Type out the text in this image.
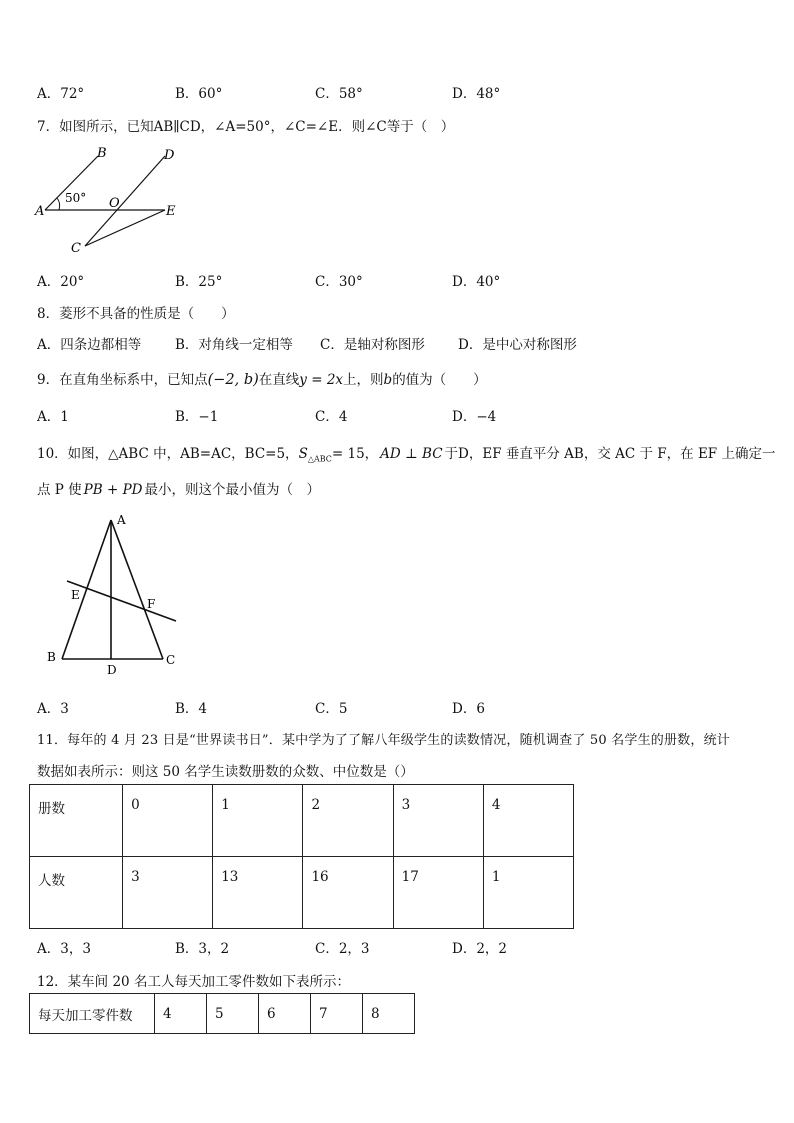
A．72°	B．60°	C．58°	D．48°
7．如图所示，已知AB∥CD，∠A=50°，∠C=∠E．则∠C等于（　）
B	D
50° O
A	E
C
A．20°	B．25°	C．30°	D．40°
8．菱形不具备的性质是（　　）
A．四条边都相等	B．对角线一定相等 C．是轴对称图形 D．是中心对称图形
9．在直角坐标系中，已知点(−2, b)在直线y = 2x上，则b的值为（　　）
A．1	B．−1	C．4	D．−4
10．如图，△ABC 中，AB=AC，BC=5，$S_{\triangle ABC}= 15$， AD ⊥ BC 于D，EF 垂直平分 AB，交 AC 于 F，在 EF 上确定一
点 P 使 PB + PD 最小，则这个最小值为（　）
A
E
F
B	C
D
A．3	B．4	C．5	D．6
11．每年的 4 月 23 日是“世界读书日”．某中学为了了解八年级学生的读数情况，随机调查了 50 名学生的册数，统计
数据如表所示：则这 50 名学生读数册数的众数、中位数是（）
册数	0	1	2	3	4
人数	3	13	16	17	1
A．3，3	B．3，2	C．2，3	D．2，2
12．某车间 20 名工人每天加工零件数如下表所示：
每天加工零件数	4	5	6	7	8
